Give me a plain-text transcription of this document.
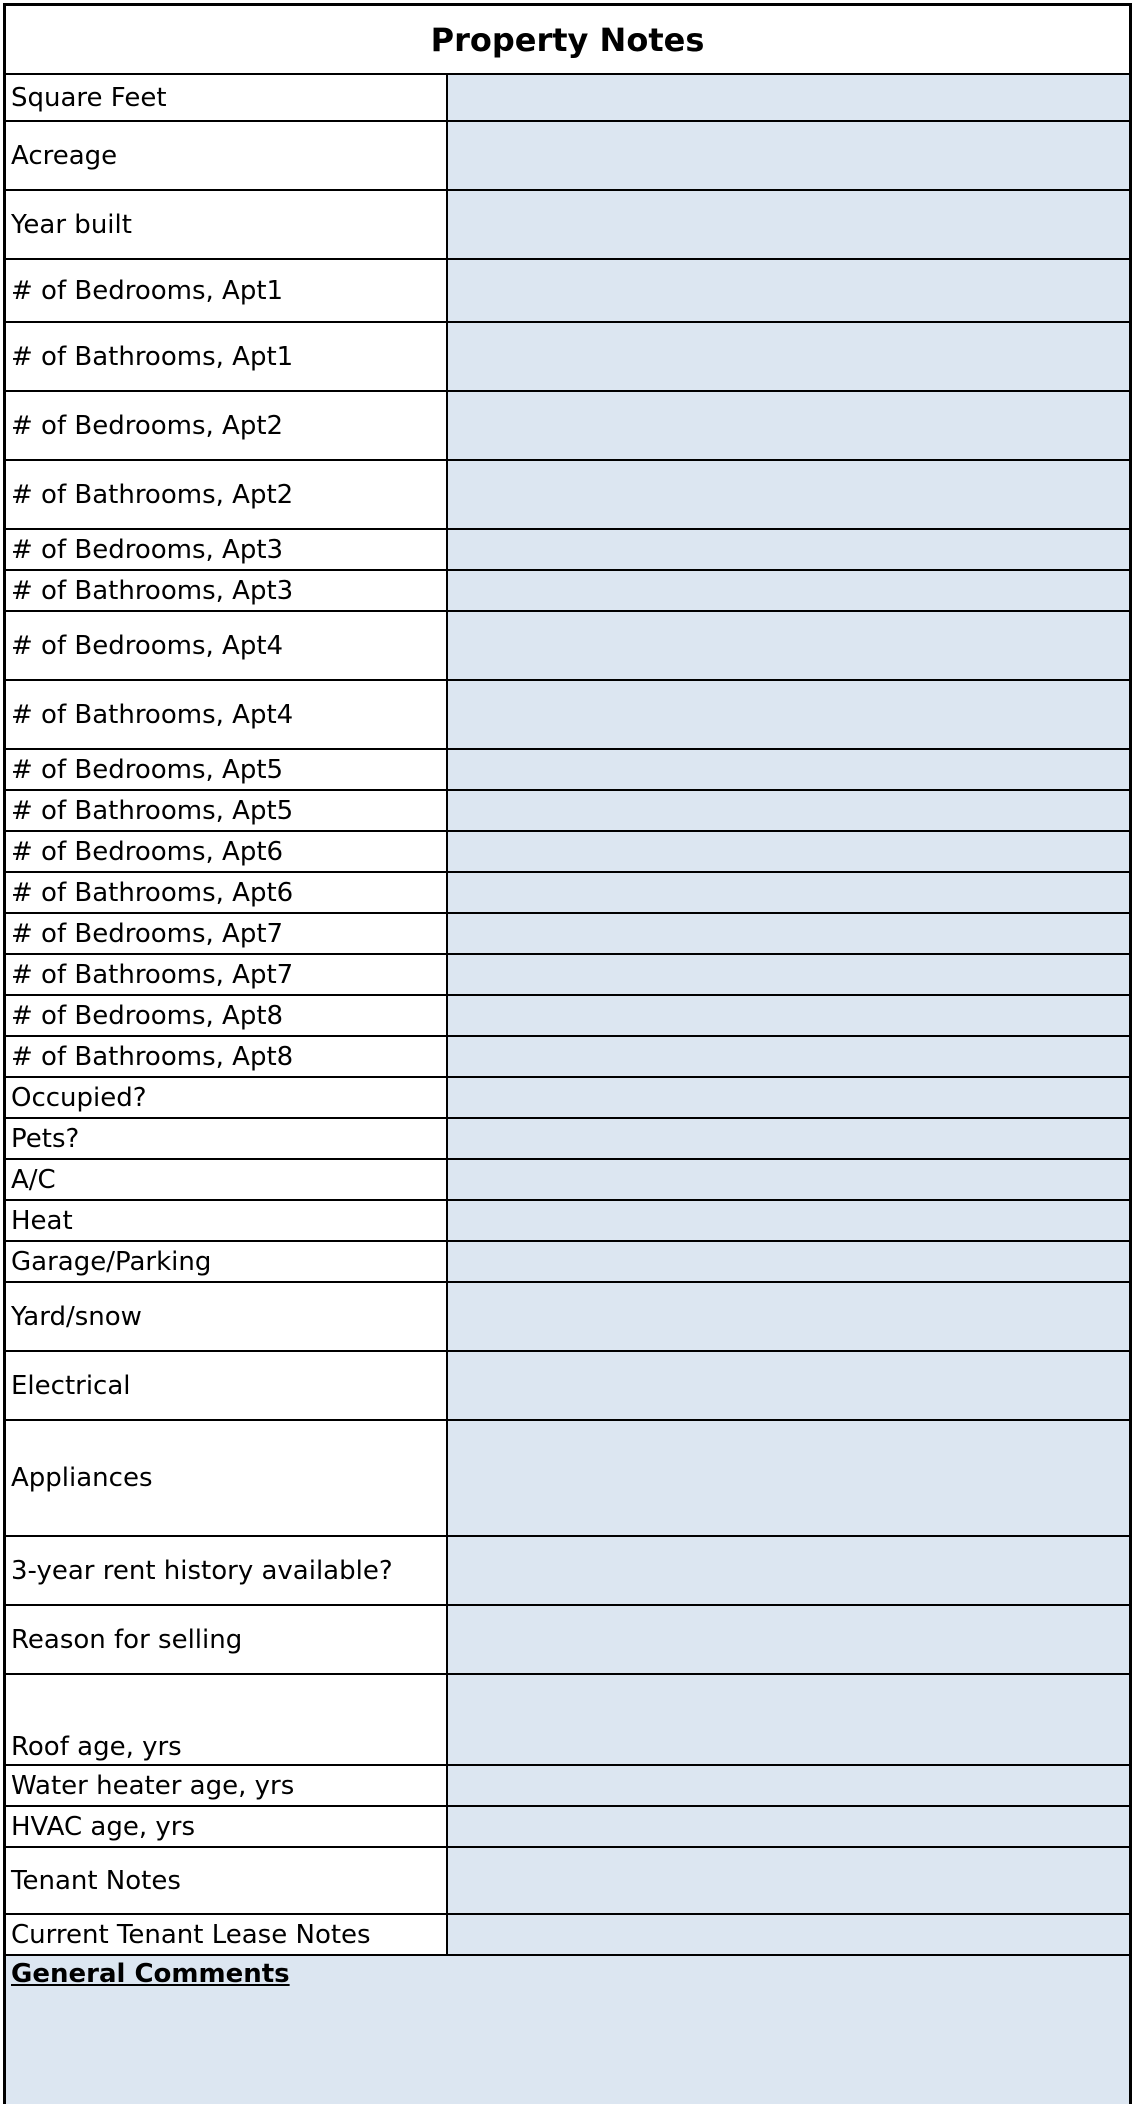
Property Notes
Square Feet
Acreage
Year built
# of Bedrooms, Apt1
# of Bathrooms, Apt1
# of Bedrooms, Apt2
# of Bathrooms, Apt2
# of Bedrooms, Apt3
# of Bathrooms, Apt3
# of Bedrooms, Apt4
# of Bathrooms, Apt4
# of Bedrooms, Apt5
# of Bathrooms, Apt5
# of Bedrooms, Apt6
# of Bathrooms, Apt6
# of Bedrooms, Apt7
# of Bathrooms, Apt7
# of Bedrooms, Apt8
# of Bathrooms, Apt8
Occupied?
Pets?
A/C
Heat
Garage/Parking
Yard/snow
Electrical
Appliances
3-year rent history available?
Reason for selling
Roof age, yrs
Water heater age, yrs
HVAC age, yrs
Tenant Notes
Current Tenant Lease Notes
General Comments
